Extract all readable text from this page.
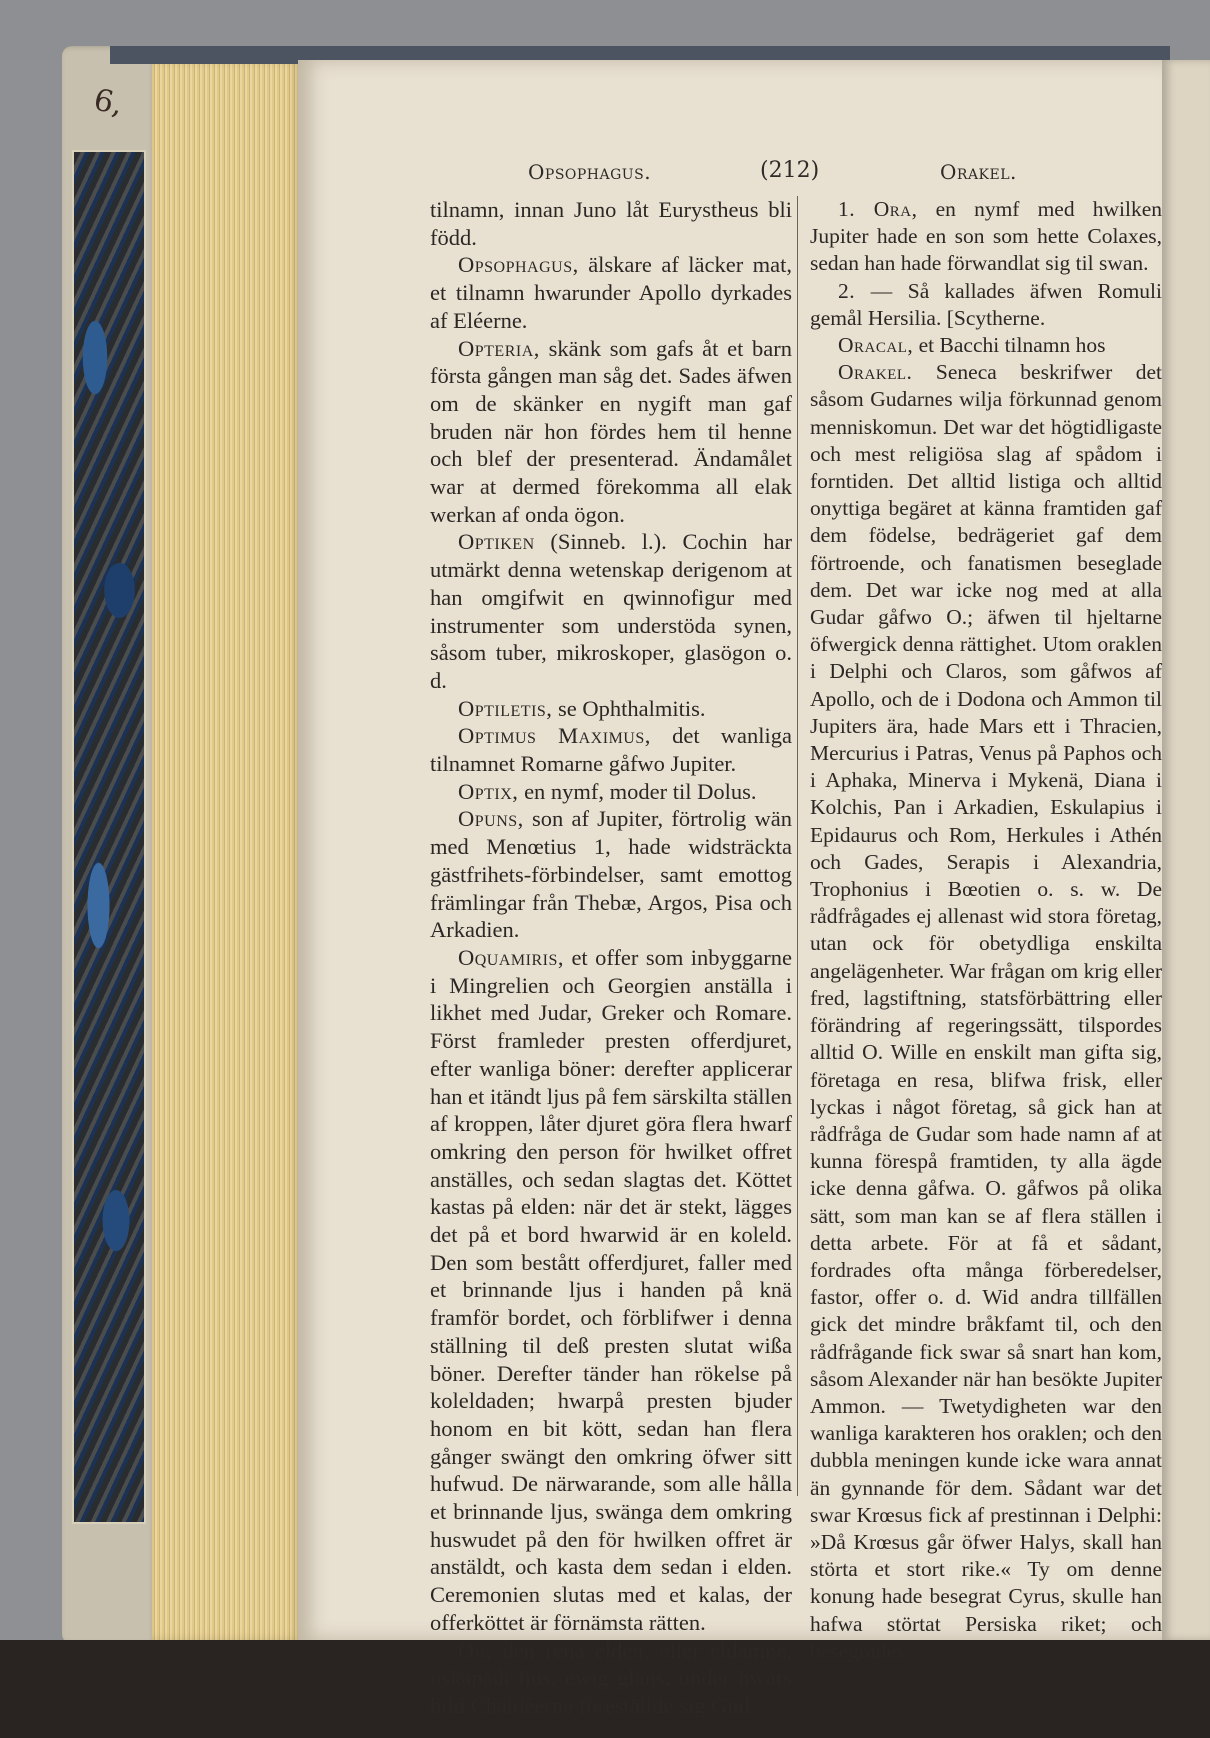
6,
Opsophagus.	(212)	Orakel.

tilnamn, innan Juno låt Eurystheus bli född.

Opsophagus, älskare af läcker mat, et tilnamn hwarunder Apollo dyrkades af Eléerne.

Opteria, skänk som gafs åt et barn första gången man såg det. Sades äfwen om de skänker en nygift man gaf bruden när hon fördes hem til henne och blef der presenterad. Ändamålet war at dermed förekomma all elak werkan af onda ögon.

Optiken (Sinneb. l.). Cochin har utmärkt denna wetenskap derigenom at han omgifwit en qwinnofigur med instrumenter som understöda synen, såsom tuber, mikroskoper, glasögon o. d.

Optiletis, se Ophthalmitis.

Optimus Maximus, det wanliga tilnamnet Romarne gåfwo Jupiter.

Optix, en nymf, moder til Dolus.

Opuns, son af Jupiter, förtrolig wän med Menœtius 1, hade widsträckta gästfrihets-förbindelser, samt emottog främlingar från Thebæ, Argos, Pisa och Arkadien.

Oquamiris, et offer som inbyggarne i Mingrelien och Georgien anställa i likhet med Judar, Greker och Romare. Först framleder presten offerdjuret, efter wanliga böner: derefter applicerar han et itändt ljus på fem särskilta ställen af kroppen, låter djuret göra flera hwarf omkring den person för hwilket offret anställes, och sedan slagtas det. Köttet kastas på elden: när det är stekt, lägges det på et bord hwarwid är en koleld. Den som bestått offerdjuret, faller med et brinnande ljus i handen på knä framför bordet, och förblifwer i denna ställning til deß presten slutat wißa böner. Derefter tänder han rökelse på koleldaden; hwarpå presten bjuder honom en bit kött, sedan han flera gånger swängt den omkring öfwer sitt hufwud. De närwarande, som alle hålla et brinnande ljus, swänga dem omkring huswudet på den för hwilken offret är anstäldt, och kasta dem sedan i elden. Ceremonien slutas med et kalas, der offerköttet är förnämsta rätten.

Or, den rena elden, eller eldämne, oskapadt ljus, ewig glans, under hwars bild Chaldéerne föreställde sig Gud.

1. Ora, en nymf med hwilken Jupiter hade en son som hette Colaxes, sedan han hade förwandlat sig til swan.

2. — Så kallades äfwen Romuli gemål Hersilia. [Scytherne.

Oracal, et Bacchi tilnamn hos

Orakel. Seneca beskrifwer det såsom Gudarnes wilja förkunnad genom menniskomun. Det war det högtidligaste och mest religiösa slag af spådom i forntiden. Det alltid listiga och alltid onyttiga begäret at känna framtiden gaf dem födelse, bedrägeriet gaf dem förtroende, och fanatismen beseglade dem. Det war icke nog med at alla Gudar gåfwo O.; äfwen til hjeltarne öfwergick denna rättighet. Utom oraklen i Delphi och Claros, som gåfwos af Apollo, och de i Dodona och Ammon til Jupiters ära, hade Mars ett i Thracien, Mercurius i Patras, Venus på Paphos och i Aphaka, Minerva i Mykenä, Diana i Kolchis, Pan i Arkadien, Eskulapius i Epidaurus och Rom, Herkules i Athén och Gades, Serapis i Alexandria, Trophonius i Bœotien o. s. w. De rådfrågades ej allenast wid stora företag, utan ock för obetydliga enskilta angelägenheter. War frågan om krig eller fred, lagstiftning, statsförbättring eller förändring af regeringssätt, tilspordes alltid O. Wille en enskilt man gifta sig, företaga en resa, blifwa frisk, eller lyckas i något företag, så gick han at rådfråga de Gudar som hade namn af at kunna förespå framtiden, ty alla ägde icke denna gåfwa. O. gåfwos på olika sätt, som man kan se af flera ställen i detta arbete. För at få et sådant, fordrades ofta många förberedelser, fastor, offer o. d. Wid andra tillfällen gick det mindre bråkfamt til, och den rådfrågande fick swar så snart han kom, såsom Alexander när han besökte Jupiter Ammon. — Twetydigheten war den wanliga karakteren hos oraklen; och den dubbla meningen kunde icke wara annat än gynnande för dem. Sådant war det swar Krœsus fick af prestinnan i Delphi: »Då Krœsus går öfwer Halys, skall han störta et stort rike.« Ty om denne konung hade besegrat Cyrus, skulle han hafwa störtat Persiska riket; och besegrades
